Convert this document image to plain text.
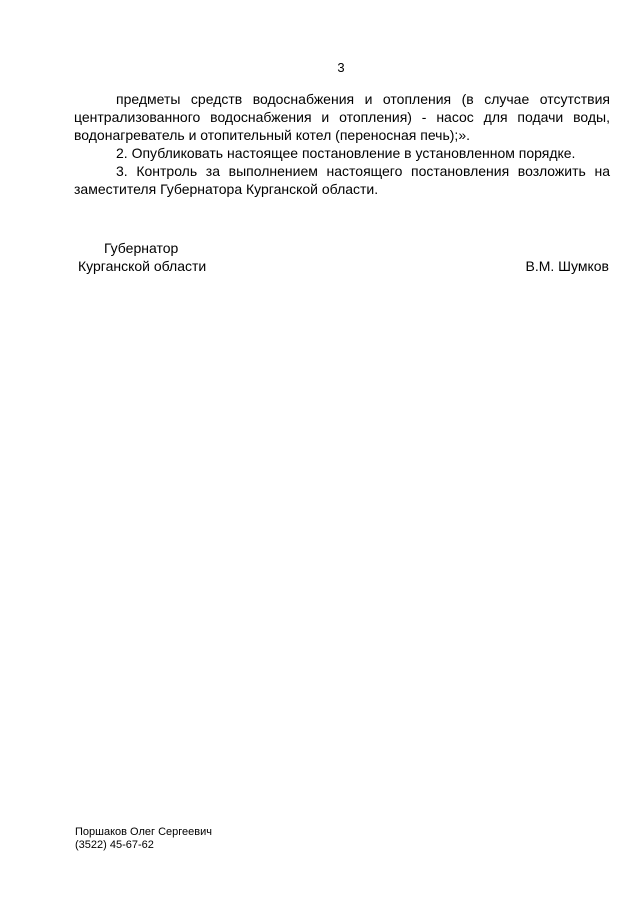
3

предметы средств водоснабжения и отопления (в случае отсутствия централизованного водоснабжения и отопления) - насос для подачи воды, водонагреватель и отопительный котел (переносная печь);».

2. Опубликовать настоящее постановление в установленном порядке.

3. Контроль за выполнением настоящего постановления возложить на заместителя Губернатора Курганской области.

Губернатор
Курганской области	В.М. Шумков
Поршаков Олег Сергеевич
(3522) 45-67-62
